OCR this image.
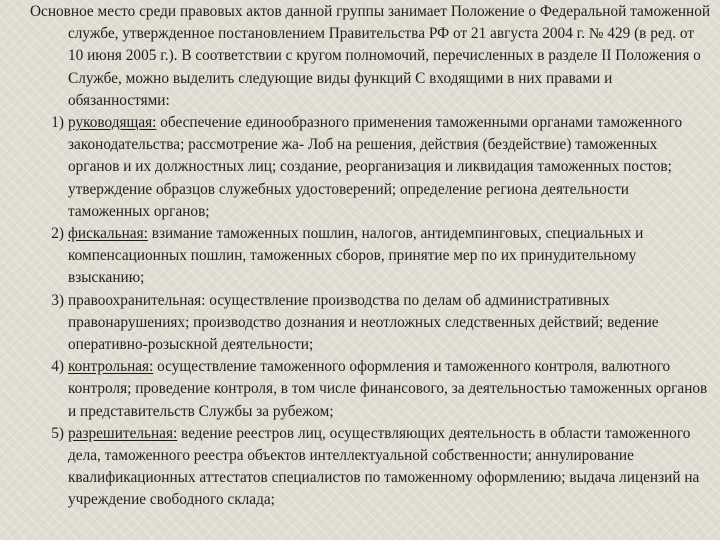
Основное место среди правовых актов данной группы занимает Положение о Федеральной таможенной службе, утвержденное постановлением Правительства РФ от 21 августа 2004 г. № 429 (в ред. от 10 июня 2005 г.). В соответствии с кругом полномочий, перечисленных в разделе II Положения о Службе, можно выделить следующие виды функций С входящими в них правами и обязанностями:

1) руководящая: обеспечение единообразного применения таможенными органами таможенного законодательства; рассмотрение жа- Лоб на решения, действия (бездействие) таможенных органов и их должностных лиц; создание, реорганизация и ликвидация таможенных постов; утверждение образцов служебных удостоверений; определение региона деятельности таможенных органов;

2) фискальная: взимание таможенных пошлин, налогов, антидемпинговых, специальных и компенсационных пошлин, таможенных сборов, принятие мер по их принудительному взысканию;

3) правоохранительная: осуществление производства по делам об административных правонарушениях; производство дознания и неотложных следственных действий; ведение оперативно-розыскной деятельности;

4) контрольная: осуществление таможенного оформления и таможенного контроля, валютного контроля; проведение контроля, в том числе финансового, за деятельностью таможенных органов и представительств Службы за рубежом;

5) разрешительная: ведение реестров лиц, осуществляющих деятельность в области таможенного дела, таможенного реестра объектов интеллектуальной собственности; аннулирование квалификационных аттестатов специалистов по таможенному оформлению; выдача лицензий на учреждение свободного склада;
